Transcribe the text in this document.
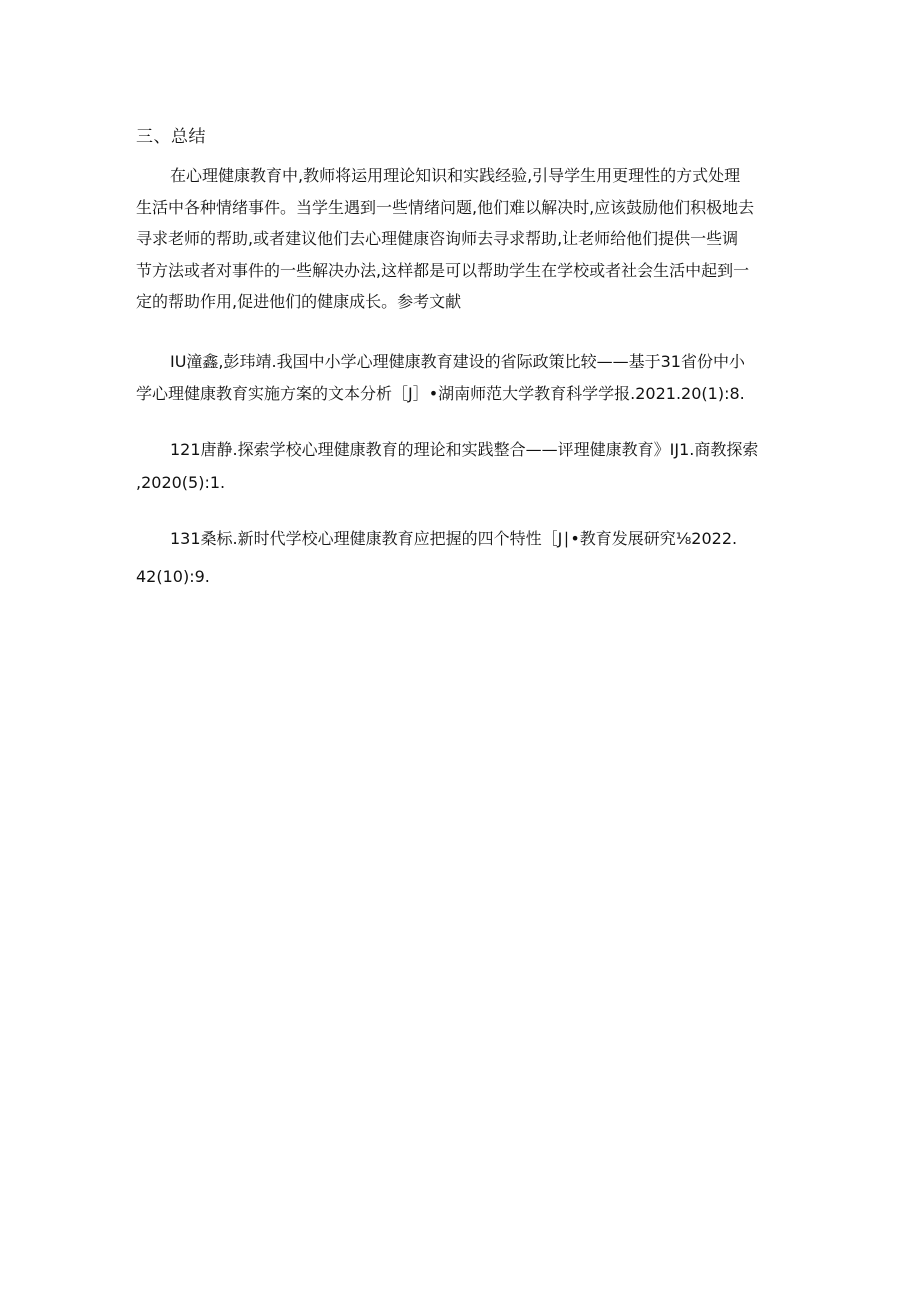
三、总结
在心理健康教育中,教师将运用理论知识和实践经验,引导学生用更理性的方式处理
生活中各种情绪事件。当学生遇到一些情绪问题,他们难以解决时,应该鼓励他们积极地去
寻求老师的帮助,或者建议他们去心理健康咨询师去寻求帮助,让老师给他们提供一些调
节方法或者对事件的一些解决办法,这样都是可以帮助学生在学校或者社会生活中起到一
定的帮助作用,促进他们的健康成长。参考文献
IU潼鑫,彭玮靖.我国中小学心理健康教育建设的省际政策比较——基于31省份中小
学心理健康教育实施方案的文本分析［J］•湖南师范大学教育科学学报.2021.20(1):8.
121唐静.探索学校心理健康教育的理论和实践整合——评理健康教育》IJ1.商教探索
,2020(5):1.
131桑标.新时代学校心理健康教育应把握的四个特性［J∣•教育发展研究⅛2022.
42(10):9.
